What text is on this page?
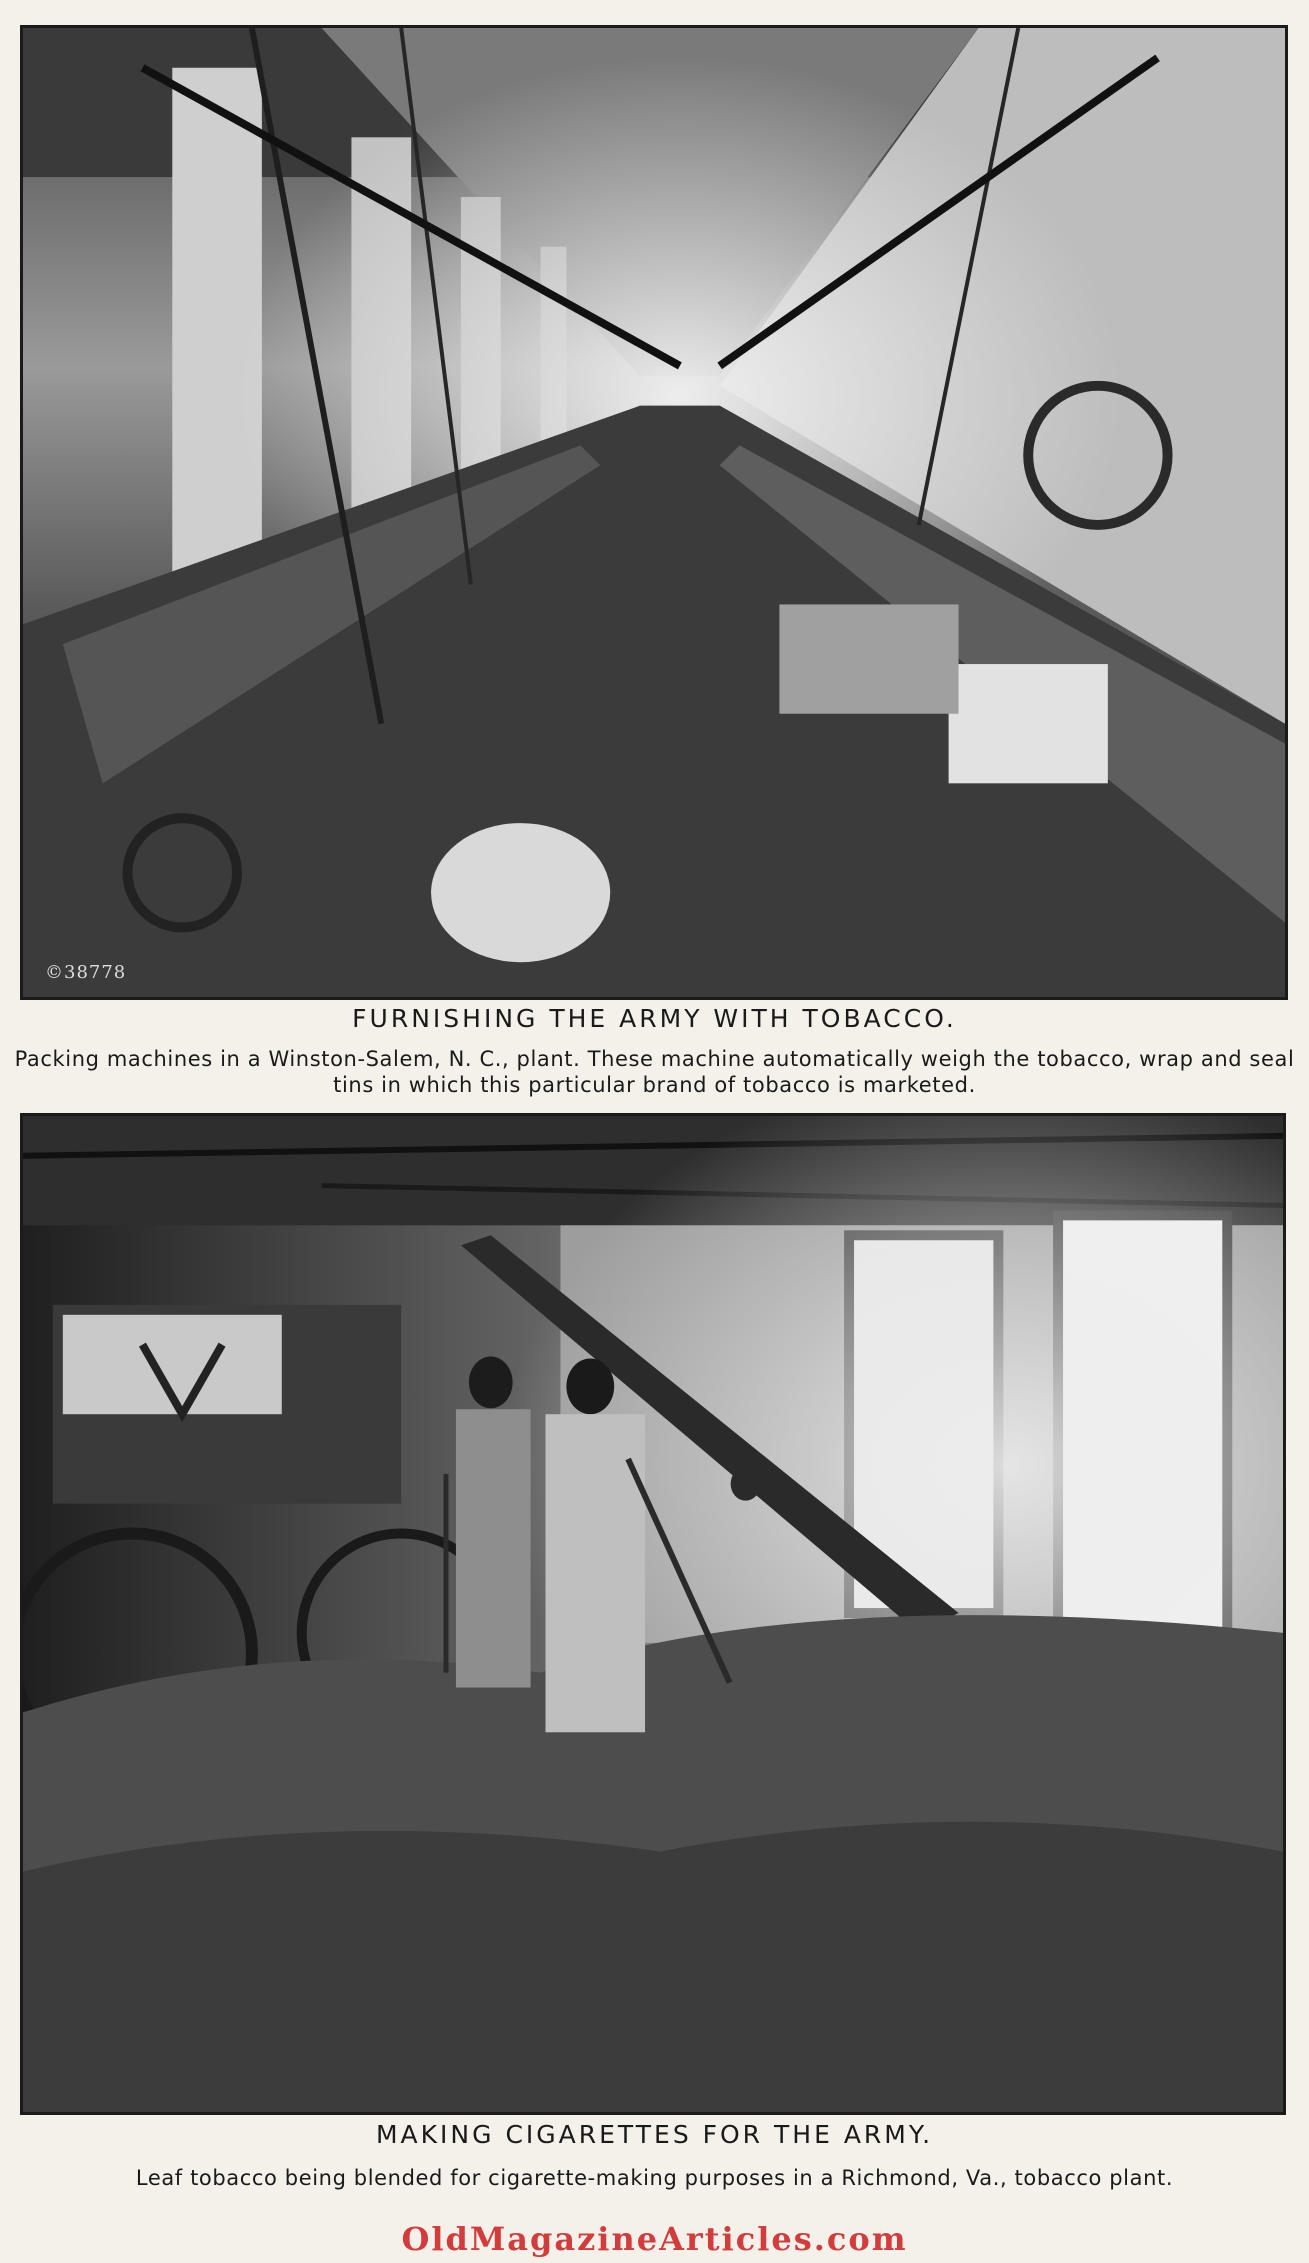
©38778
FURNISHING THE ARMY WITH TOBACCO.
Packing machines in a Winston-Salem, N. C., plant. These machine automatically weigh the tobacco, wrap and seal tins in which this particular brand of tobacco is marketed.
MAKING CIGARETTES FOR THE ARMY.
Leaf tobacco being blended for cigarette-making purposes in a Richmond, Va., tobacco plant.
OldMagazineArticles.com
